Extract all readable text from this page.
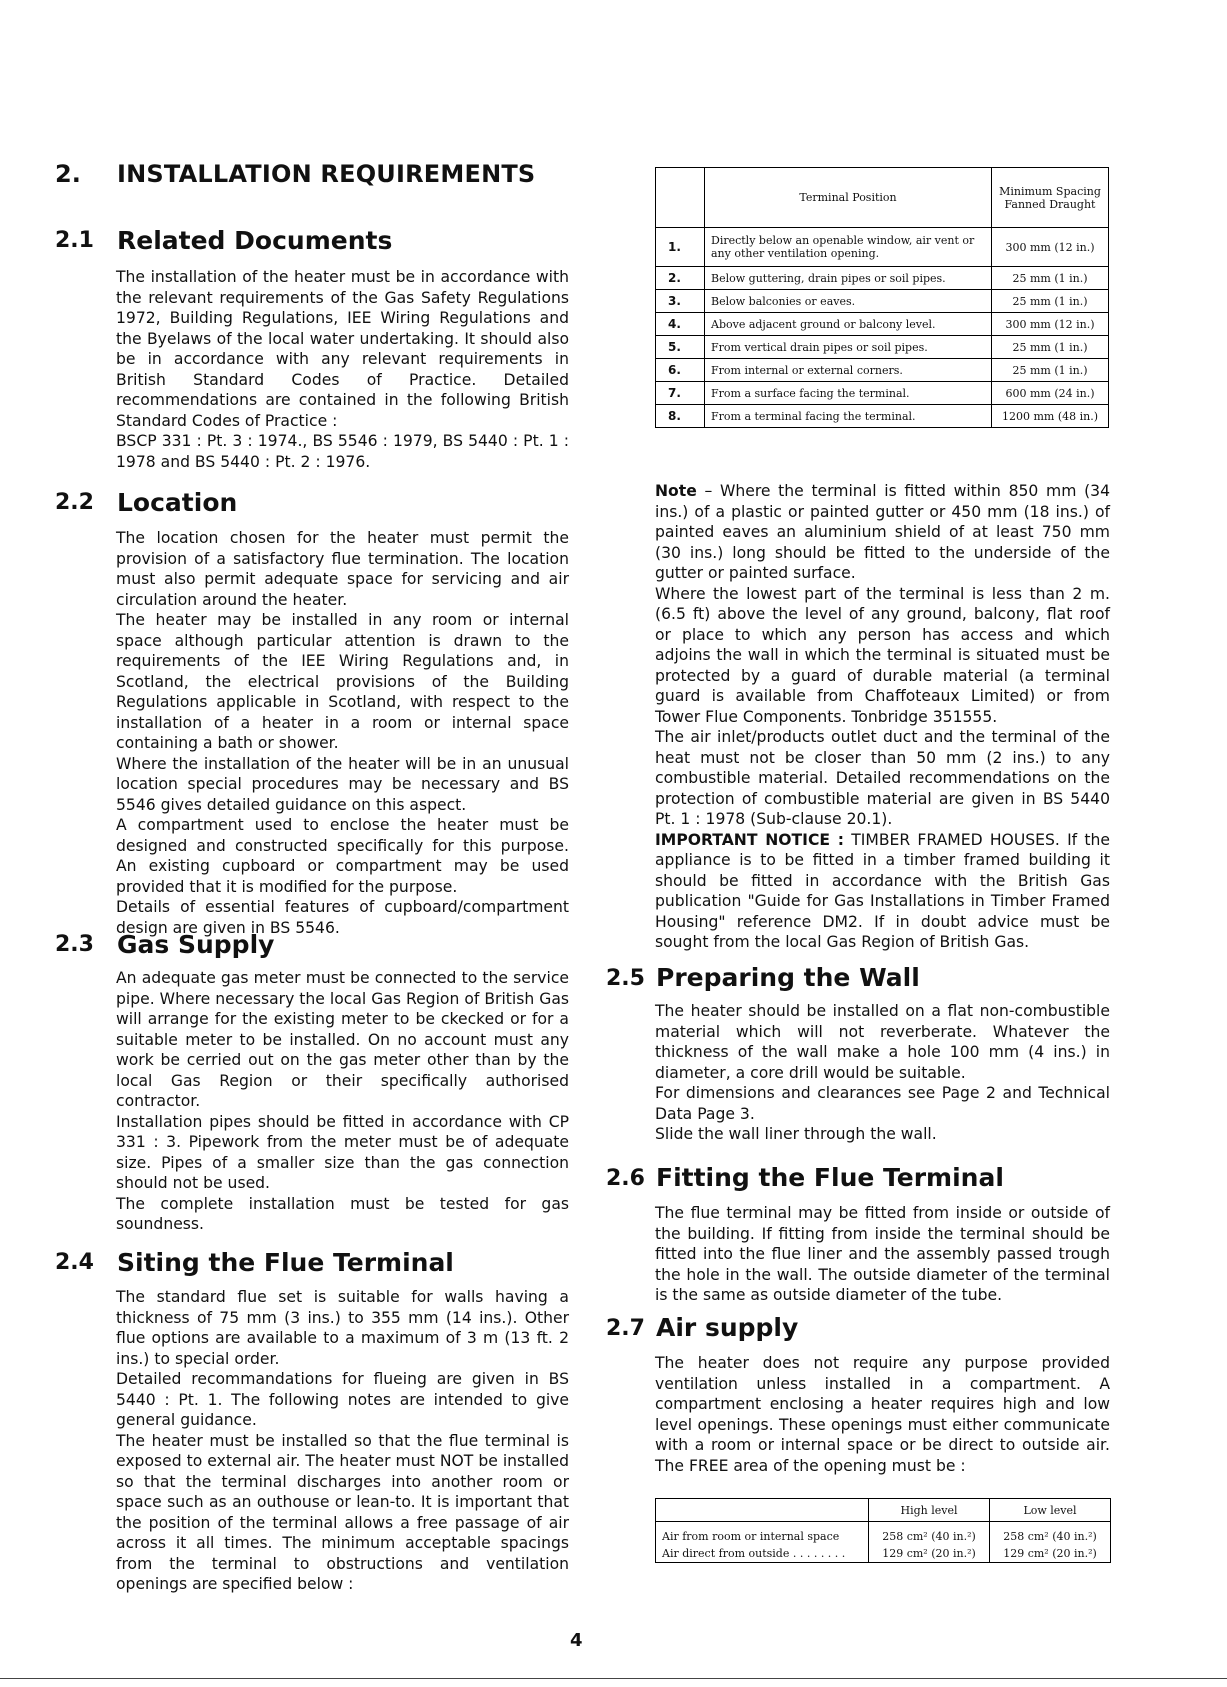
2. INSTALLATION REQUIREMENTS
2.1 Related Documents

The installation of the heater must be in accordance with the relevant requirements of the Gas Safety Regulations 1972, Building Regulations, IEE Wiring Regulations and the Byelaws of the local water undertaking. It should also be in accordance with any relevant requirements in British Standard Codes of Practice. Detailed recommendations are contained in the following British Standard Codes of Practice :

BSCP 331 : Pt. 3 : 1974., BS 5546 : 1979, BS 5440 : Pt. 1 : 1978 and BS 5440 : Pt. 2 : 1976.

2.2 Location

The location chosen for the heater must permit the provision of a satisfactory flue termination. The location must also permit adequate space for servicing and air circulation around the heater.

The heater may be installed in any room or internal space although particular attention is drawn to the requirements of the IEE Wiring Regulations and, in Scotland, the electrical provisions of the Building Regulations applicable in Scotland, with respect to the installation of a heater in a room or internal space containing a bath or shower.

Where the installation of the heater will be in an unusual location special procedures may be necessary and BS 5546 gives detailed guidance on this aspect.

A compartment used to enclose the heater must be designed and constructed specifically for this purpose. An existing cupboard or compartment may be used provided that it is modified for the purpose.

Details of essential features of cupboard/compartment design are given in BS 5546.

2.3 Gas Supply

An adequate gas meter must be connected to the service pipe. Where necessary the local Gas Region of British Gas will arrange for the existing meter to be ckecked or for a suitable meter to be installed. On no account must any work be cerried out on the gas meter other than by the local Gas Region or their specifically authorised contractor.

Installation pipes should be fitted in accordance with CP 331 : 3. Pipework from the meter must be of adequate size. Pipes of a smaller size than the gas connection should not be used.

The complete installation must be tested for gas soundness.

2.4 Siting the Flue Terminal

The standard flue set is suitable for walls having a thickness of 75 mm (3 ins.) to 355 mm (14 ins.). Other flue options are available to a maximum of 3 m (13 ft. 2 ins.) to special order.

Detailed recommandations for flueing are given in BS 5440 : Pt. 1. The following notes are intended to give general guidance.

The heater must be installed so that the flue terminal is exposed to external air. The heater must NOT be installed so that the terminal discharges into another room or space such as an outhouse or lean-to. It is important that the position of the terminal allows a free passage of air across it all times. The minimum acceptable spacings from the terminal to obstructions and ventilation openings are specified below :

	Terminal Position	Minimum Spacing Fanned Draught
1.	Directly below an openable window, air vent or any other ventilation opening.	300 mm (12 in.)
2.	Below guttering, drain pipes or soil pipes.	25 mm (1 in.)
3.	Below balconies or eaves.	25 mm (1 in.)
4.	Above adjacent ground or balcony level.	300 mm (12 in.)
5.	From vertical drain pipes or soil pipes.	25 mm (1 in.)
6.	From internal or external corners.	25 mm (1 in.)
7.	From a surface facing the terminal.	600 mm (24 in.)
8.	From a terminal facing the terminal.	1200 mm (48 in.)

Note – Where the terminal is fitted within 850 mm (34 ins.) of a plastic or painted gutter or 450 mm (18 ins.) of painted eaves an aluminium shield of at least 750 mm (30 ins.) long should be fitted to the underside of the gutter or painted surface.

Where the lowest part of the terminal is less than 2 m. (6.5 ft) above the level of any ground, balcony, flat roof or place to which any person has access and which adjoins the wall in which the terminal is situated must be protected by a guard of durable material (a terminal guard is available from Chaffoteaux Limited) or from Tower Flue Components. Tonbridge 351555.

The air inlet/products outlet duct and the terminal of the heat must not be closer than 50 mm (2 ins.) to any combustible material. Detailed recommendations on the protection of combustible material are given in BS 5440 Pt. 1 : 1978 (Sub-clause 20.1).

IMPORTANT NOTICE : TIMBER FRAMED HOUSES. If the appliance is to be fitted in a timber framed building it should be fitted in accordance with the British Gas publication "Guide for Gas Installations in Timber Framed Housing" reference DM2. If in doubt advice must be sought from the local Gas Region of British Gas.

2.5 Preparing the Wall

The heater should be installed on a flat non-combustible material which will not reverberate. Whatever the thickness of the wall make a hole 100 mm (4 ins.) in diameter, a core drill would be suitable.

For dimensions and clearances see Page 2 and Technical Data Page 3.

Slide the wall liner through the wall.

2.6 Fitting the Flue Terminal

The flue terminal may be fitted from inside or outside of the building. If fitting from inside the terminal should be fitted into the flue liner and the assembly passed trough the hole in the wall. The outside diameter of the terminal is the same as outside diameter of the tube.

2.7 Air supply

The heater does not require any purpose provided ventilation unless installed in a compartment. A compartment enclosing a heater requires high and low level openings. These openings must either communicate with a room or internal space or be direct to outside air. The FREE area of the opening must be :

	High level	Low level
Air from room or internal space	258 cm² (40 in.²)	258 cm² (40 in.²)
Air direct from outside . . . . . . . .	129 cm² (20 in.²)	129 cm² (20 in.²)
4
